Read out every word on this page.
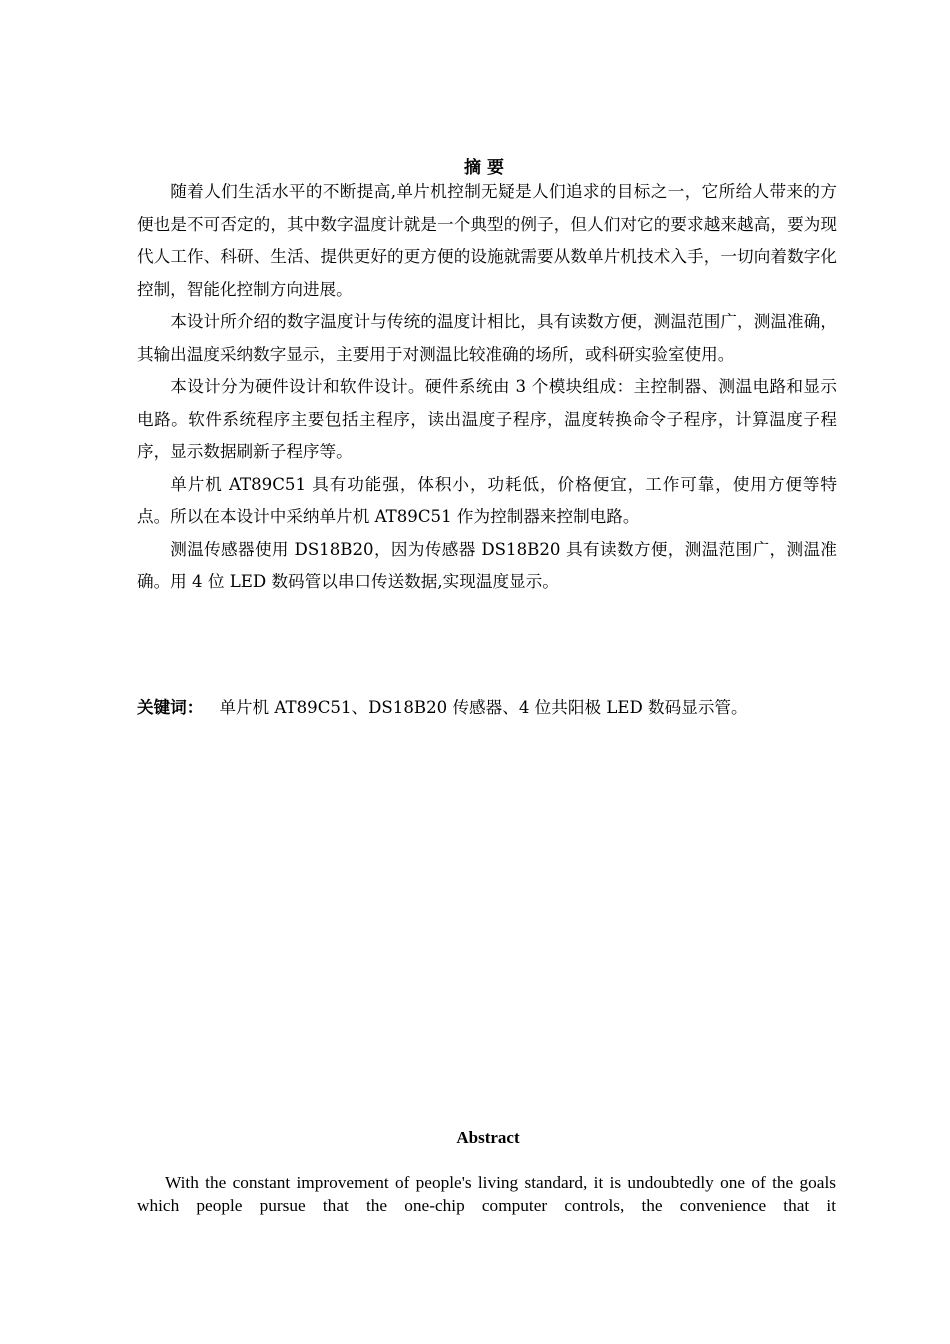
摘要

随着人们生活水平的不断提高,单片机控制无疑是人们追求的目标之一，它所给人带来的方便也是不可否定的，其中数字温度计就是一个典型的例子，但人们对它的要求越来越高，要为现代人工作、科研、生活、提供更好的更方便的设施就需要从数单片机技术入手，一切向着数字化控制，智能化控制方向进展。

本设计所介绍的数字温度计与传统的温度计相比，具有读数方便，测温范围广，测温准确，其输出温度采纳数字显示，主要用于对测温比较准确的场所，或科研实验室使用。

本设计分为硬件设计和软件设计。硬件系统由 3 个模块组成：主控制器、测温电路和显示电路。软件系统程序主要包括主程序，读出温度子程序，温度转换命令子程序，计算温度子程序，显示数据刷新子程序等。

单片机 AT89C51 具有功能强，体积小，功耗低，价格便宜，工作可靠，使用方便等特点。所以在本设计中采纳单片机 AT89C51 作为控制器来控制电路。

测温传感器使用 DS18B20，因为传感器 DS18B20 具有读数方便，测温范围广，测温准确。用 4 位 LED 数码管以串口传送数据,实现温度显示。

关键词： 单片机 AT89C51、DS18B20 传感器、4 位共阳极 LED 数码显示管。
Abstract

With the constant improvement of people's living standard, it is undoubtedly one of the goals which people pursue that the one-chip computer controls, the convenience that it
